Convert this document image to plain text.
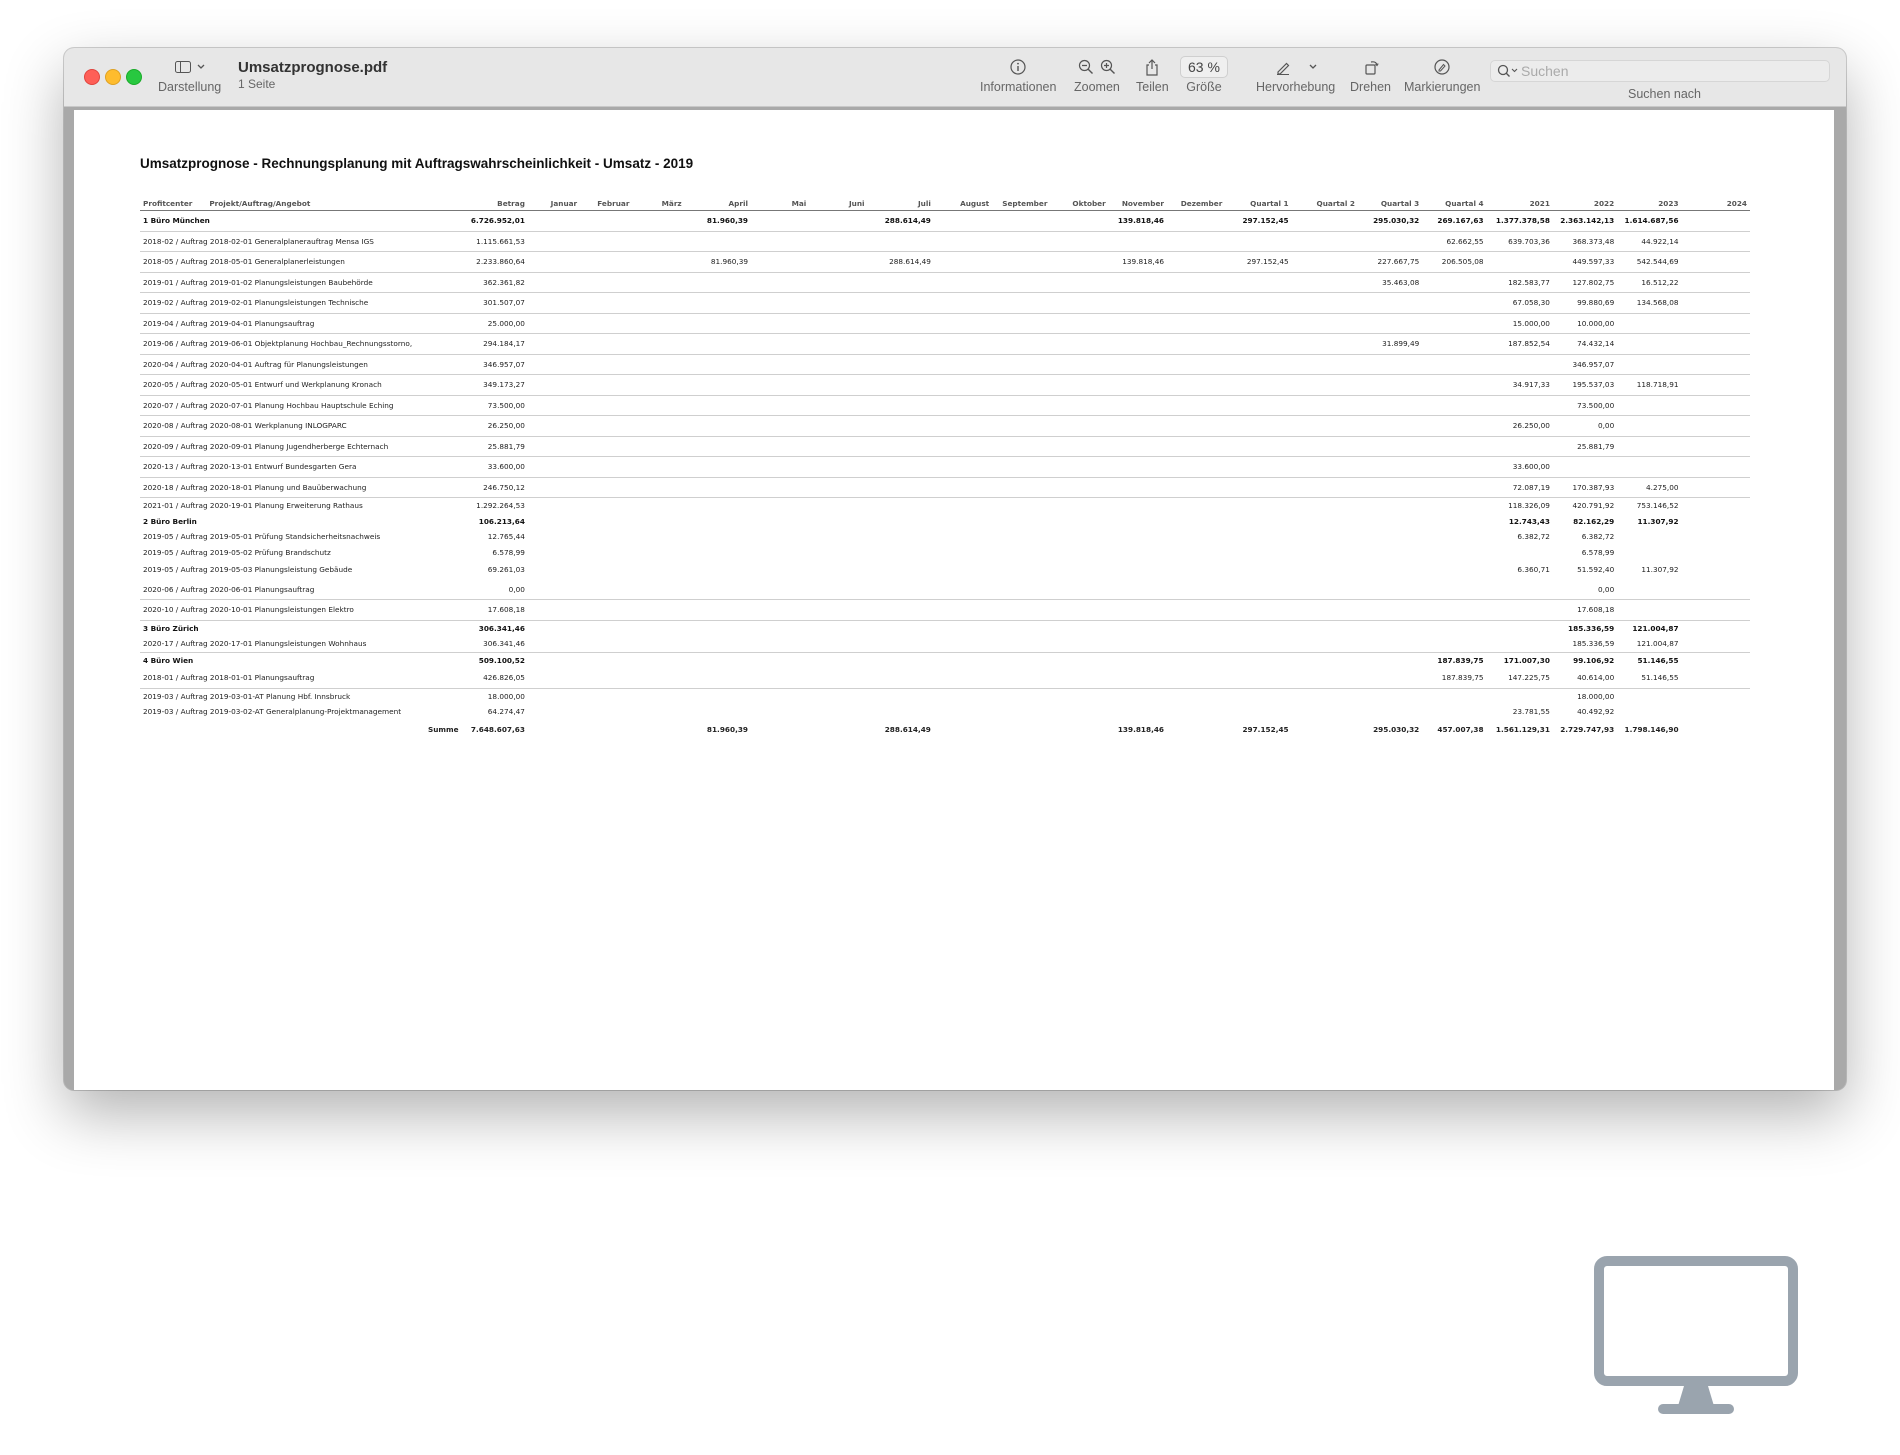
Darstellung
Umsatzprognose.pdf
1 Seite	Informationen Zoomen Teilen
63 %
Größe	Hervorhebung Drehen Markierungen
Suchen	Suchen nach
Umsatzprognose - Rechnungsplanung mit Auftragswahrscheinlichkeit - Umsatz - 2019
Profitcenter	Projekt/Auftrag/Angebot	Betrag	Januar	Februar	März	April	Mai	Juni	Juli	August	September	Oktober	November	Dezember	Quartal 1	Quartal 2	Quartal 3	Quartal 4	2021	2022	2023	2024
1 Büro München		6.726.952,01				81.960,39			288.614,49				139.818,46		297.152,45		295.030,32	269.167,63	1.377.378,58	2.363.142,13	1.614.687,56	
2018-02 / Auftrag 2018-02-01 Generalplanerauftrag Mensa IGS		1.115.661,53																62.662,55	639.703,36	368.373,48	44.922,14	
2018-05 / Auftrag 2018-05-01 Generalplanerleistungen		2.233.860,64				81.960,39			288.614,49				139.818,46		297.152,45		227.667,75	206.505,08		449.597,33	542.544,69	
2019-01 / Auftrag 2019-01-02 Planungsleistungen Baubehörde		362.361,82															35.463,08		182.583,77	127.802,75	16.512,22	
2019-02 / Auftrag 2019-02-01 Planungsleistungen Technische		301.507,07																	67.058,30	99.880,69	134.568,08	
2019-04 / Auftrag 2019-04-01 Planungsauftrag		25.000,00																	15.000,00	10.000,00		
2019-06 / Auftrag 2019-06-01 Objektplanung Hochbau_Rechnungsstorno,		294.184,17															31.899,49		187.852,54	74.432,14		
2020-04 / Auftrag 2020-04-01 Auftrag für Planungsleistungen		346.957,07																		346.957,07		
2020-05 / Auftrag 2020-05-01 Entwurf und Werkplanung Kronach		349.173,27																	34.917,33	195.537,03	118.718,91	
2020-07 / Auftrag 2020-07-01 Planung Hochbau Hauptschule Eching		73.500,00																		73.500,00		
2020-08 / Auftrag 2020-08-01 Werkplanung INLOGPARC		26.250,00																	26.250,00	0,00		
2020-09 / Auftrag 2020-09-01 Planung Jugendherberge Echternach		25.881,79																		25.881,79		
2020-13 / Auftrag 2020-13-01 Entwurf Bundesgarten Gera		33.600,00																	33.600,00			
2020-18 / Auftrag 2020-18-01 Planung und Bauüberwachung		246.750,12																	72.087,19	170.387,93	4.275,00	
2021-01 / Auftrag 2020-19-01 Planung Erweiterung Rathaus		1.292.264,53																	118.326,09	420.791,92	753.146,52	
2 Büro Berlin		106.213,64																	12.743,43	82.162,29	11.307,92	
2019-05 / Auftrag 2019-05-01 Prüfung Standsicherheitsnachweis		12.765,44																	6.382,72	6.382,72		
2019-05 / Auftrag 2019-05-02 Prüfung Brandschutz		6.578,99																		6.578,99		
2019-05 / Auftrag 2019-05-03 Planungsleistung Gebäude		69.261,03																	6.360,71	51.592,40	11.307,92	
2020-06 / Auftrag 2020-06-01 Planungsauftrag		0,00																		0,00		
2020-10 / Auftrag 2020-10-01 Planungsleistungen Elektro		17.608,18																		17.608,18		
3 Büro Zürich		306.341,46																		185.336,59	121.004,87	
2020-17 / Auftrag 2020-17-01 Planungsleistungen Wohnhaus		306.341,46																		185.336,59	121.004,87	
4 Büro Wien		509.100,52																187.839,75	171.007,30	99.106,92	51.146,55	
2018-01 / Auftrag 2018-01-01 Planungsauftrag		426.826,05																187.839,75	147.225,75	40.614,00	51.146,55	
2019-03 / Auftrag 2019-03-01-AT Planung Hbf. Innsbruck		18.000,00																		18.000,00		
2019-03 / Auftrag 2019-03-02-AT Generalplanung-Projektmanagement		64.274,47																	23.781,55	40.492,92		
Summe		7.648.607,63				81.960,39			288.614,49				139.818,46		297.152,45		295.030,32	457.007,38	1.561.129,31	2.729.747,93	1.798.146,90	
